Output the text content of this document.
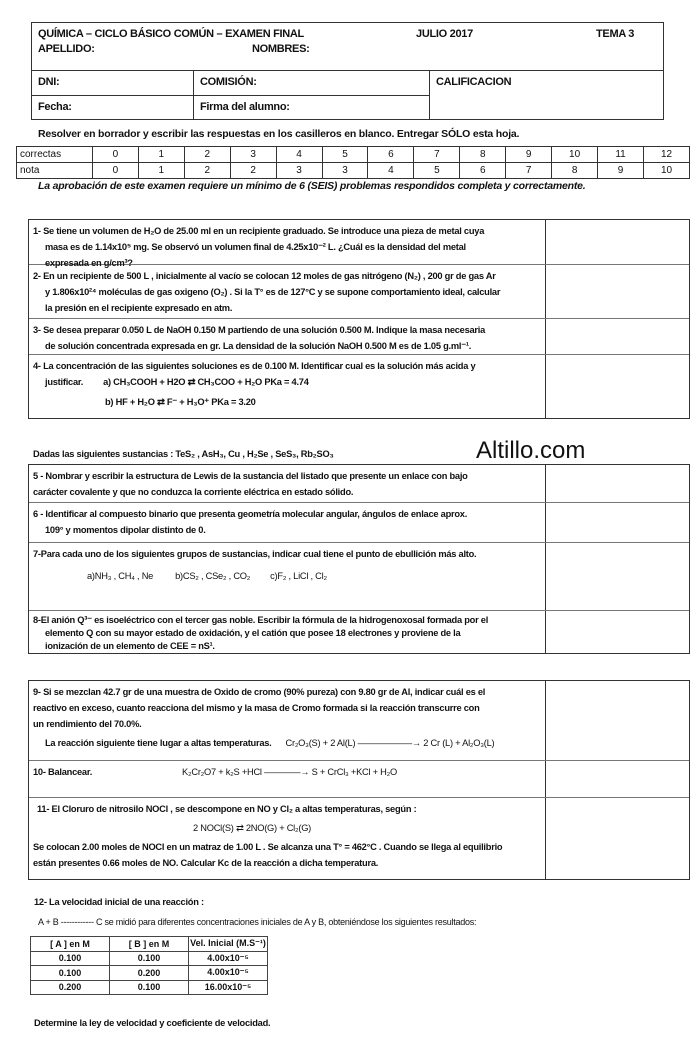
QUÍMICA – CICLO BÁSICO COMÚN – EXAMEN FINAL	JULIO 2017	TEMA 3
APELLIDO:	NOMBRES:
DNI:	COMISIÓN:	CALIFICACION
Fecha:	Firma del alumno:
Resolver en borrador y escribir las respuestas en los casilleros en blanco. Entregar SÓLO esta hoja.
correctas	0	1	2	3	4	5	6	7	8	9	10	11	12
nota	0	1	2	2	3	3	4	5	6	7	8	9	10
La aprobación de este examen requiere un mínimo de 6 (SEIS) problemas respondidos completa y correctamente.
1- Se tiene un volumen de H₂O de 25.00 ml en un recipiente graduado. Se introduce una pieza de metal cuya
masa es de 1.14x10⁵ mg. Se observó un volumen final de 4.25x10⁻² L. ¿Cuál es la densidad del metal
expresada en g/cm³?
2- En un recipiente de 500 L , inicialmente al vacío se colocan 12 moles de gas nitrógeno (N₂) , 200 gr de gas Ar
y 1.806x10²⁴ moléculas de gas oxigeno (O₂) . Si la T° es de 127°C y se supone comportamiento ideal, calcular
la presión en el recipiente expresado en atm.
3- Se desea preparar 0.050 L de NaOH 0.150 M partiendo de una solución 0.500 M. Indique la masa necesaria
de solución concentrada expresada en gr. La densidad de la solución NaOH 0.500 M es de 1.05 g.ml⁻¹.
4- La concentración de las siguientes soluciones es de 0.100 M. Identificar cual es la solución más acida y
justificar. a) CH₃COOH + H2O ⇄ CH₃COO + H₂O PKa = 4.74
b) HF + H₂O ⇄ F⁻ + H₃O⁺ PKa = 3.20
Dadas las siguientes sustancias : TeS₂ , AsH₃, Cu , H₂Se , SeS₃, Rb₂SO₃	Altillo.com
5 - Nombrar y escribir la estructura de Lewis de la sustancia del listado que presente un enlace con bajo
carácter covalente y que no conduzca la corriente eléctrica en estado sólido.
6 - Identificar al compuesto binario que presenta geometría molecular angular, ángulos de enlace aprox.
109° y momentos dipolar distinto de 0.
7-Para cada uno de los siguientes grupos de sustancias, indicar cual tiene el punto de ebullición más alto.
a)NH₃ , CH₄ , Ne b)CS₂ , CSe₂ , CO₂ c)F₂ , LiCl , Cl₂
8-El anión Q³⁻ es isoeléctrico con el tercer gas noble. Escribir la fórmula de la hidrogenoxosal formada por el
elemento Q con su mayor estado de oxidación, y el catión que posee 18 electrones y proviene de la
ionización de un elemento de CEE = nS¹.
9- Si se mezclan 42.7 gr de una muestra de Oxido de cromo (90% pureza) con 9.80 gr de Al, indicar cuál es el
reactivo en exceso, cuanto reacciona del mismo y la masa de Cromo formada si la reacción transcurre con
un rendimiento del 70.0%.
La reacción siguiente tiene lugar a altas temperaturas. Cr₂O₃(S) + 2 Al(L) ——————→ 2 Cr (L) + Al₂O₃(L)
10- Balancear.	K₂Cr₂O7 + k₂S +HCl ————→ S + CrCl₃ +KCl + H₂O
11- El Cloruro de nitrosilo NOCl , se descompone en NO y Cl₂ a altas temperaturas, según :
2 NOCl(S) ⇄ 2NO(G) + Cl₂(G)
Se colocan 2.00 moles de NOCl en un matraz de 1.00 L . Se alcanza una T° = 462°C . Cuando se llega al equilibrio
están presentes 0.66 moles de NO. Calcular Kc de la reacción a dicha temperatura.
12- La velocidad inicial de una reacción :
A + B ------------ C se midió para diferentes concentraciones iniciales de A y B, obteniéndose los siguientes resultados:
[ A ] en M	[ B ] en M	Vel. Inicial (M.S⁻¹)
0.100	0.100	4.00x10⁻⁵
0.100	0.200	4.00x10⁻⁵
0.200	0.100	16.00x10⁻⁵
Determine la ley de velocidad y coeficiente de velocidad.
